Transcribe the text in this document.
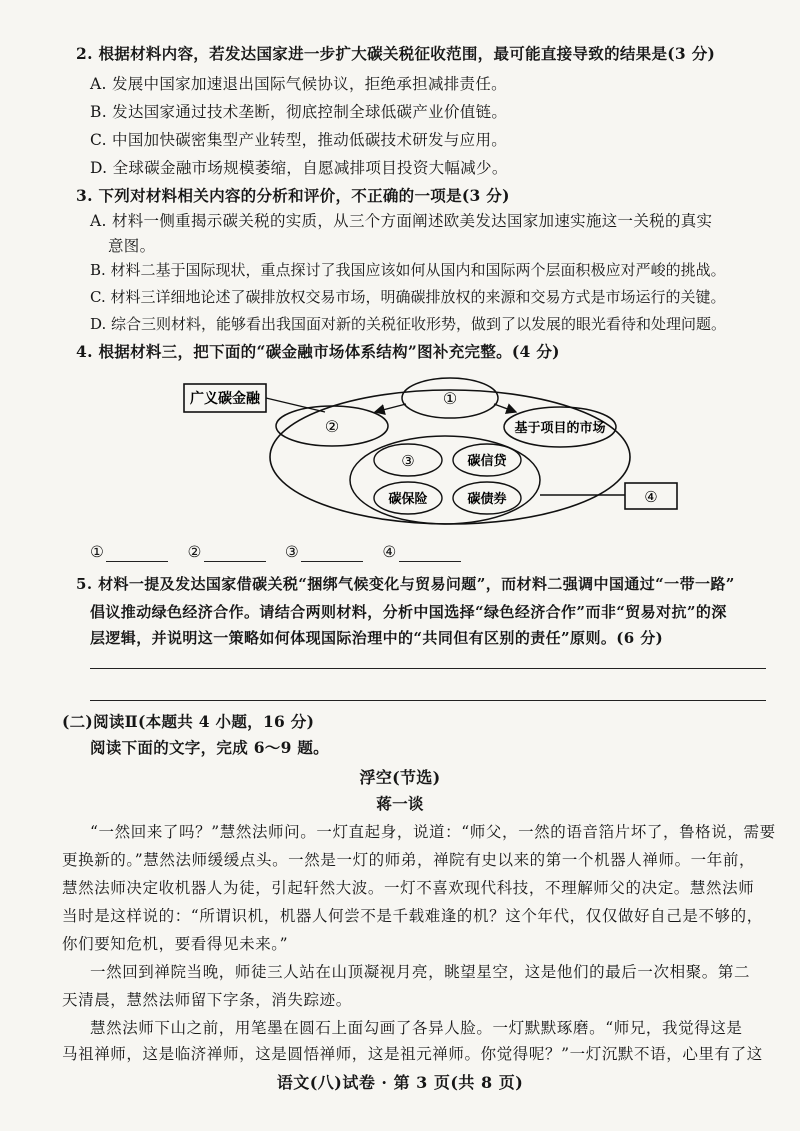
2. 根据材料内容，若发达国家进一步扩大碳关税征收范围，最可能直接导致的结果是(3 分)
A. 发展中国家加速退出国际气候协议，拒绝承担减排责任。
B. 发达国家通过技术垄断，彻底控制全球低碳产业价值链。
C. 中国加快碳密集型产业转型，推动低碳技术研发与应用。
D. 全球碳金融市场规模萎缩，自愿减排项目投资大幅减少。
3. 下列对材料相关内容的分析和评价，不正确的一项是(3 分)
A. 材料一侧重揭示碳关税的实质，从三个方面阐述欧美发达国家加速实施这一关税的真实
意图。
B. 材料二基于国际现状，重点探讨了我国应该如何从国内和国际两个层面积极应对严峻的挑战。
C. 材料三详细地论述了碳排放权交易市场，明确碳排放权的来源和交易方式是市场运行的关键。
D. 综合三则材料，能够看出我国面对新的关税征收形势，做到了以发展的眼光看待和处理问题。
4. 根据材料三，把下面的“碳金融市场体系结构”图补充完整。(4 分)
广义碳金融	①
②	基于项目的市场
③	碳信贷
碳保险	碳债券	④
①	②	③	④
5. 材料一提及发达国家借碳关税“捆绑气候变化与贸易问题”，而材料二强调中国通过“一带一路”
倡议推动绿色经济合作。请结合两则材料，分析中国选择“绿色经济合作”而非“贸易对抗”的深
层逻辑，并说明这一策略如何体现国际治理中的“共同但有区别的责任”原则。(6 分)
(二)阅读Ⅱ(本题共 4 小题，16 分)
阅读下面的文字，完成 6～9 题。
浮空(节选)
蒋一谈
“一然回来了吗？”慧然法师问。一灯直起身，说道：“师父，一然的语音箔片坏了，鲁格说，需要
更换新的。”慧然法师缓缓点头。一然是一灯的师弟，禅院有史以来的第一个机器人禅师。一年前，
慧然法师决定收机器人为徒，引起轩然大波。一灯不喜欢现代科技，不理解师父的决定。慧然法师
当时是这样说的：“所谓识机，机器人何尝不是千载难逢的机？这个年代，仅仅做好自己是不够的，
你们要知危机，要看得见未来。”
一然回到禅院当晚，师徒三人站在山顶凝视月亮，眺望星空，这是他们的最后一次相聚。第二
天清晨，慧然法师留下字条，消失踪迹。
慧然法师下山之前，用笔墨在圆石上面勾画了各异人脸。一灯默默琢磨。“师兄，我觉得这是
马祖禅师，这是临济禅师，这是圆悟禅师，这是祖元禅师。你觉得呢？”一灯沉默不语，心里有了这
语文(八)试卷 · 第 3 页(共 8 页)
